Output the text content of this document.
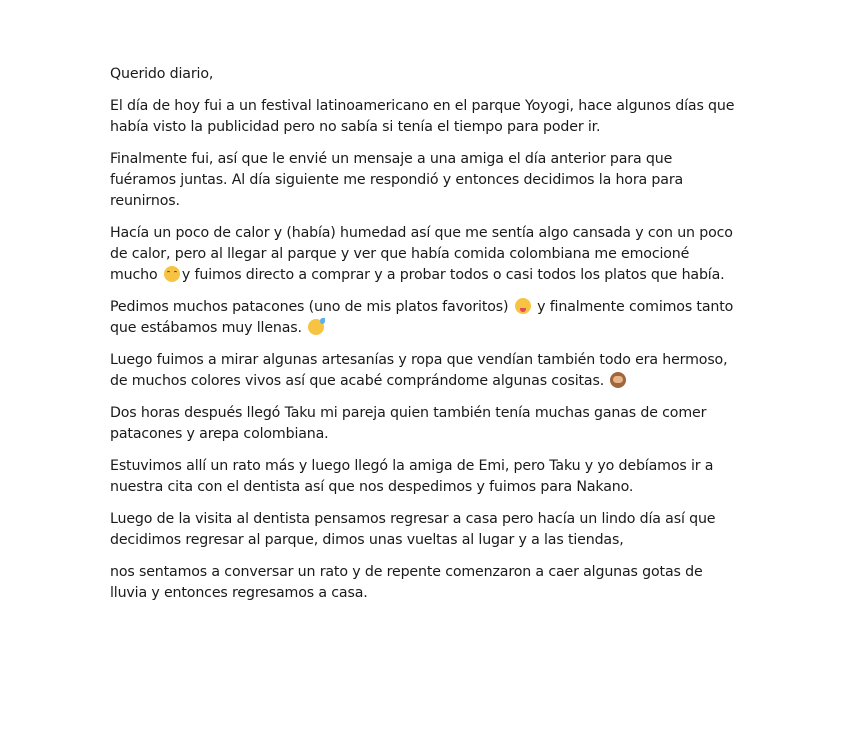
Querido diario,

El día de hoy fui a un festival latinoamericano en el parque Yoyogi, hace algunos días que había visto la publicidad pero no sabía si tenía el tiempo para poder ir.

Finalmente fui, así que le envié un mensaje a una amiga el día anterior para que fuéramos juntas. Al día siguiente me respondió y entonces decidimos la hora para reunirnos.

Hacía un poco de calor y (había) humedad así que me sentía algo cansada y con un poco de calor, pero al llegar al parque y ver que había comida colombiana me emocioné mucho y fuimos directo a comprar y a probar todos o casi todos los platos que había.

Pedimos muchos patacones (uno de mis platos favoritos)  y finalmente comimos tanto que estábamos muy llenas.

Luego fuimos a mirar algunas artesanías y ropa que vendían también todo era hermoso, de muchos colores vivos así que acabé comprándome algunas cositas.

Dos horas después llegó Taku mi pareja quien también tenía muchas ganas de comer patacones y arepa colombiana.

Estuvimos allí un rato más y luego llegó la amiga de Emi, pero Taku y yo debíamos ir a nuestra cita con el dentista así que nos despedimos y fuimos para Nakano.

Luego de la visita al dentista pensamos regresar a casa pero hacía un lindo día así que decidimos regresar al parque, dimos unas vueltas al lugar y a las tiendas,

nos sentamos a conversar un rato y de repente comenzaron a caer algunas gotas de lluvia y entonces regresamos a casa.
